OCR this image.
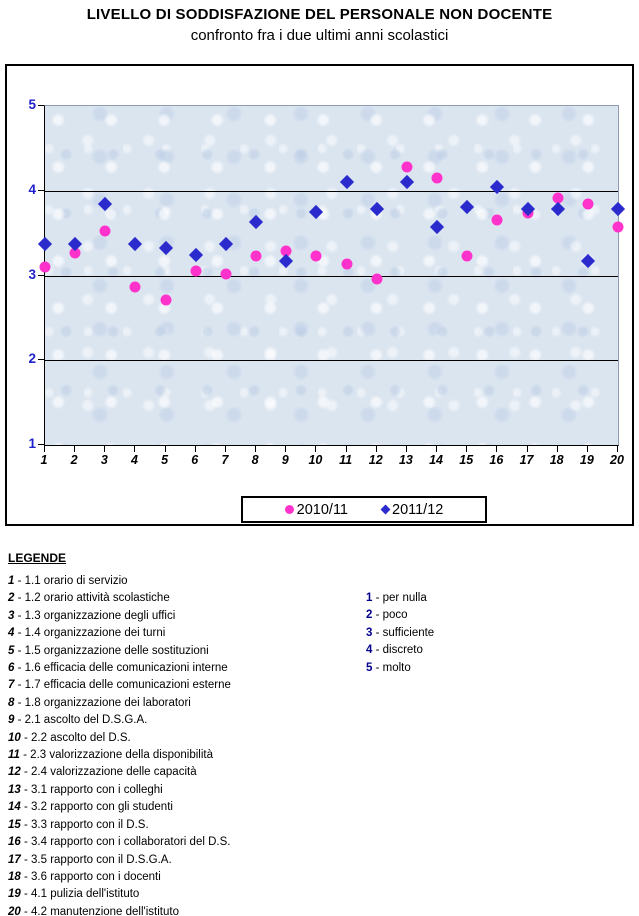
LIVELLO DI SODDISFAZIONE DEL PERSONALE NON DOCENTE
confronto fra i due ultimi anni scolastici
1
2
3
4
5
1	2	3	4	5	6	7	8	9	10	11	12	13	14	15	16	17	18	19	20
2010/11	2011/12
LEGENDE
1 - 1.1 orario di servizio
2 - 1.2 orario attività scolastiche
3 - 1.3 organizzazione degli uffici
4 - 1.4 organizzazione dei turni
5 - 1.5 organizzazione delle sostituzioni
6 - 1.6 efficacia delle comunicazioni interne
7 - 1.7 efficacia delle comunicazioni esterne
8 - 1.8 organizzazione dei laboratori
9 - 2.1 ascolto del D.S.G.A.
10 - 2.2 ascolto del D.S.
11 - 2.3 valorizzazione della disponibilità
12 - 2.4 valorizzazione delle capacità
13 - 3.1 rapporto con i colleghi
14 - 3.2 rapporto con gli studenti
15 - 3.3 rapporto con il D.S.
16 - 3.4 rapporto con i collaboratori del D.S.
17 - 3.5 rapporto con il D.S.G.A.
18 - 3.6 rapporto con i docenti
19 - 4.1 pulizia dell'istituto
20 - 4.2 manutenzione dell'istituto
1 - per nulla
2 - poco
3 - sufficiente
4 - discreto
5 - molto
